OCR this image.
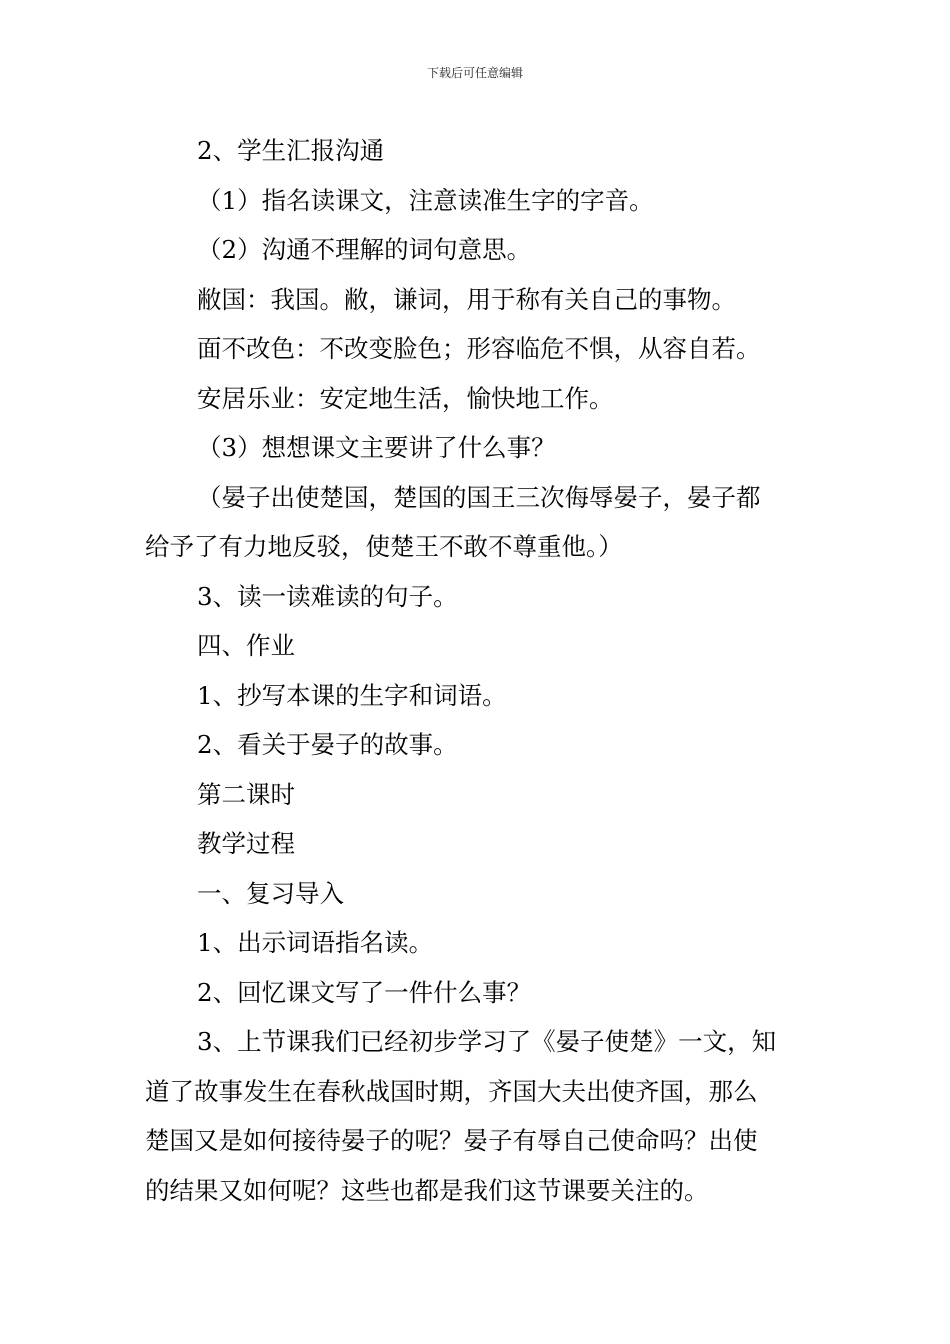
下载后可任意编辑
2、学生汇报沟通
（1）指名读课文，注意读准生字的字音。
（2）沟通不理解的词句意思。
敝国：我国。敝，谦词，用于称有关自己的事物。
面不改色：不改变脸色；形容临危不惧，从容自若。
安居乐业：安定地生活，愉快地工作。
（3）想想课文主要讲了什么事？
（晏子出使楚国，楚国的国王三次侮辱晏子，晏子都
给予了有力地反驳，使楚王不敢不尊重他。）
3、读一读难读的句子。
四、作业
1、抄写本课的生字和词语。
2、看关于晏子的故事。
第二课时
教学过程
一、复习导入
1、出示词语指名读。
2、回忆课文写了一件什么事？
3、上节课我们已经初步学习了《晏子使楚》一文，知
道了故事发生在春秋战国时期，齐国大夫出使齐国，那么
楚国又是如何接待晏子的呢？晏子有辱自己使命吗？出使
的结果又如何呢？这些也都是我们这节课要关注的。
